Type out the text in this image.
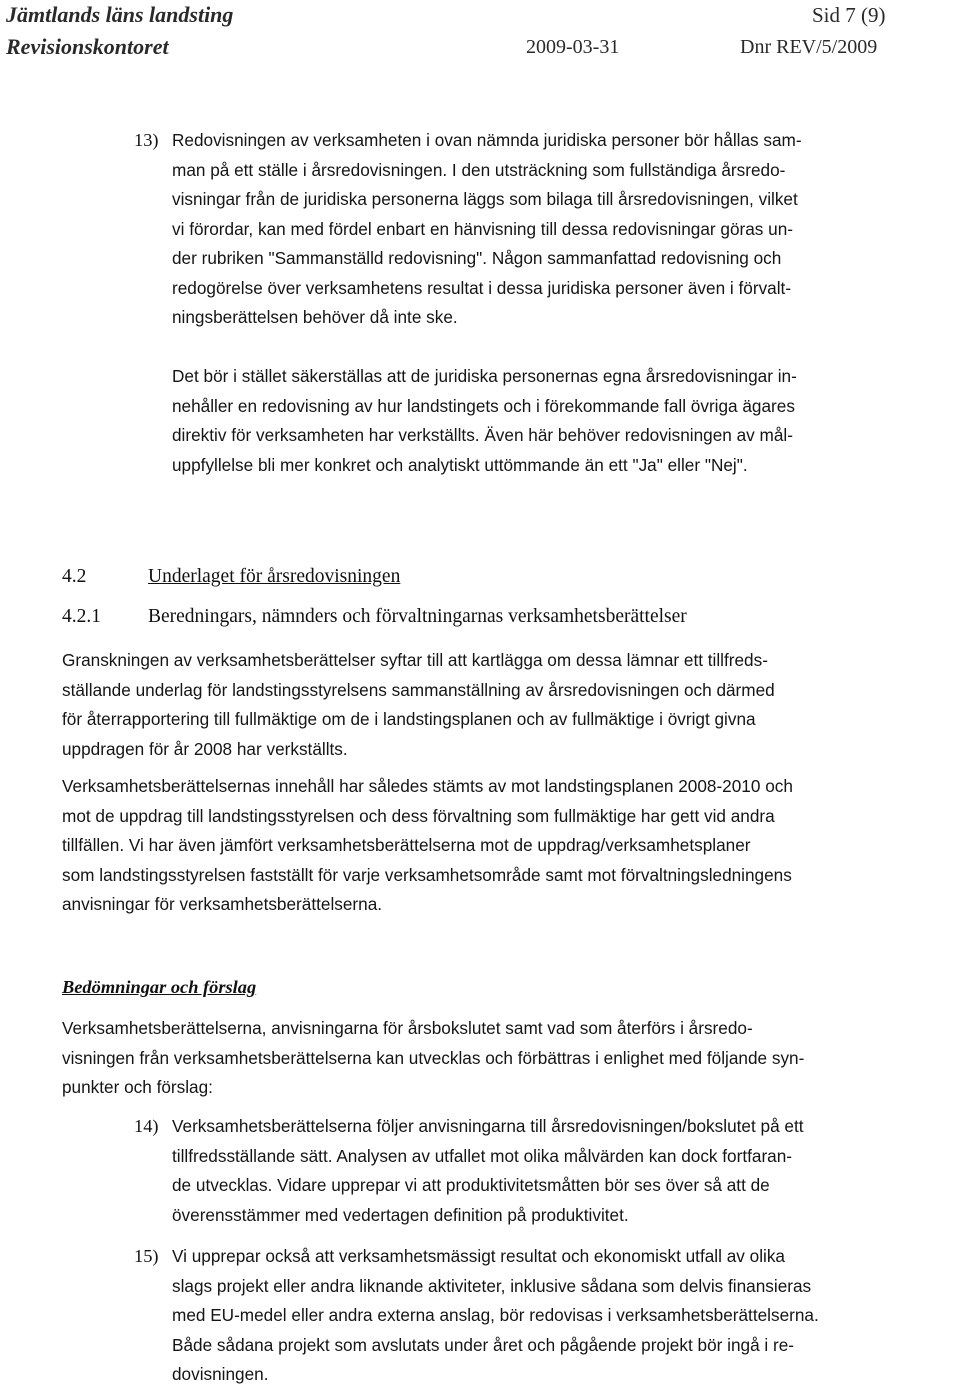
Jämtlands läns landsting	Sid 7 (9)
Revisionskontoret	2009-03-31	Dnr REV/5/2009
13) Redovisningen av verksamheten i ovan nämnda juridiska personer bör hållas sam-
man på ett ställe i årsredovisningen. I den utsträckning som fullständiga årsredo-
visningar från de juridiska personerna läggs som bilaga till årsredovisningen, vilket
vi förordar, kan med fördel enbart en hänvisning till dessa redovisningar göras un-
der rubriken "Sammanställd redovisning". Någon sammanfattad redovisning och
redogörelse över verksamhetens resultat i dessa juridiska personer även i förvalt-
ningsberättelsen behöver då inte ske.
Det bör i stället säkerställas att de juridiska personernas egna årsredovisningar in-
nehåller en redovisning av hur landstingets och i förekommande fall övriga ägares
direktiv för verksamheten har verkställts. Även här behöver redovisningen av mål-
uppfyllelse bli mer konkret och analytiskt uttömmande än ett "Ja" eller "Nej".
4.2	Underlaget för årsredovisningen
4.2.1 Beredningars, nämnders och förvaltningarnas verksamhetsberättelser
Granskningen av verksamhetsberättelser syftar till att kartlägga om dessa lämnar ett tillfreds-
ställande underlag för landstingsstyrelsens sammanställning av årsredovisningen och därmed
för återrapportering till fullmäktige om de i landstingsplanen och av fullmäktige i övrigt givna
uppdragen för år 2008 har verkställts.
Verksamhetsberättelsernas innehåll har således stämts av mot landstingsplanen 2008-2010 och
mot de uppdrag till landstingsstyrelsen och dess förvaltning som fullmäktige har gett vid andra
tillfällen. Vi har även jämfört verksamhetsberättelserna mot de uppdrag/verksamhetsplaner
som landstingsstyrelsen fastställt för varje verksamhetsområde samt mot förvaltningsledningens
anvisningar för verksamhetsberättelserna.
Bedömningar och förslag
Verksamhetsberättelserna, anvisningarna för årsbokslutet samt vad som återförs i årsredo-
visningen från verksamhetsberättelserna kan utvecklas och förbättras i enlighet med följande syn-
punkter och förslag:
14) Verksamhetsberättelserna följer anvisningarna till årsredovisningen/bokslutet på ett
tillfredsställande sätt. Analysen av utfallet mot olika målvärden kan dock fortfaran-
de utvecklas. Vidare upprepar vi att produktivitetsmåtten bör ses över så att de
överensstämmer med vedertagen definition på produktivitet.
15) Vi upprepar också att verksamhetsmässigt resultat och ekonomiskt utfall av olika
slags projekt eller andra liknande aktiviteter, inklusive sådana som delvis finansieras
med EU-medel eller andra externa anslag, bör redovisas i verksamhetsberättelserna.
Både sådana projekt som avslutats under året och pågående projekt bör ingå i re-
dovisningen.
